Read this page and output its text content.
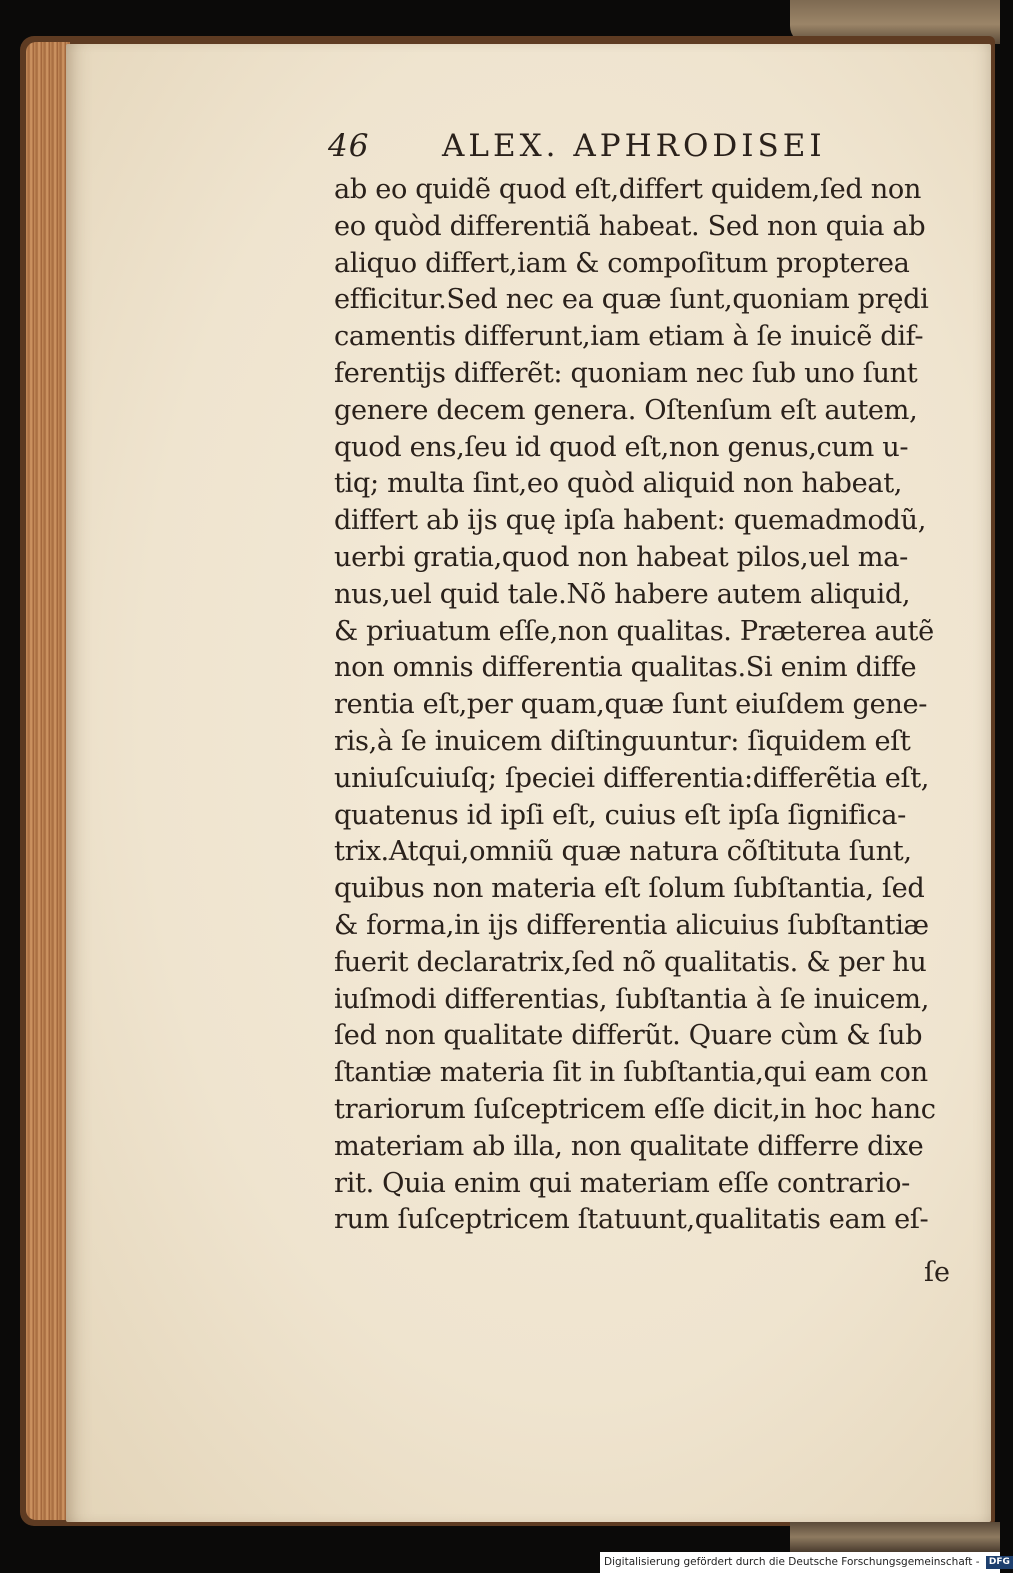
46 ALEX. APHRODISEI
ab eo quidẽ quod eſt,differt quidem,ſed non
eo quòd differentiã habeat. Sed non quia ab
aliquo differt,iam & compoſitum propterea
efficitur.Sed nec ea quæ ſunt,quoniam prędi
camentis differunt,iam etiam à ſe inuicẽ dif-
ferentijs differẽt: quoniam nec ſub uno ſunt
genere decem genera. Oſtenſum eſt autem,
quod ens,ſeu id quod eſt,non genus,cum u-
tiq; multa ſint,eo quòd aliquid non habeat,
differt ab ijs quę ipſa habent: quemadmodũ,
uerbi gratia,quod non habeat pilos,uel ma-
nus,uel quid tale.Nõ habere autem aliquid,
& priuatum eſſe,non qualitas. Præterea autẽ
non omnis differentia qualitas.Si enim diffe
rentia eſt,per quam,quæ ſunt eiuſdem gene-
ris,à ſe inuicem diſtinguuntur: ſiquidem eſt
uniuſcuiuſq; ſpeciei differentia:differẽtia eſt,
quatenus id ipſi eſt, cuius eſt ipſa ſignifica-
trix.Atqui,omniũ quæ natura cõſtituta ſunt,
quibus non materia eſt ſolum ſubſtantia, ſed
& forma,in ijs differentia alicuius ſubſtantiæ
fuerit declaratrix,ſed nõ qualitatis. & per hu
iuſmodi differentias, ſubſtantia à ſe inuicem,
ſed non qualitate differũt. Quare cùm & ſub
ſtantiæ materia ſit in ſubſtantia,qui eam con
trariorum ſuſceptricem eſſe dicit,in hoc hanc
materiam ab illa, non qualitate differre dixe
rit. Quia enim qui materiam eſſe contrario-
rum ſuſceptricem ſtatuunt,qualitatis eam eſ-
ſe
Digitalisierung gefördert durch die Deutsche Forschungsgemeinschaft - DFG
